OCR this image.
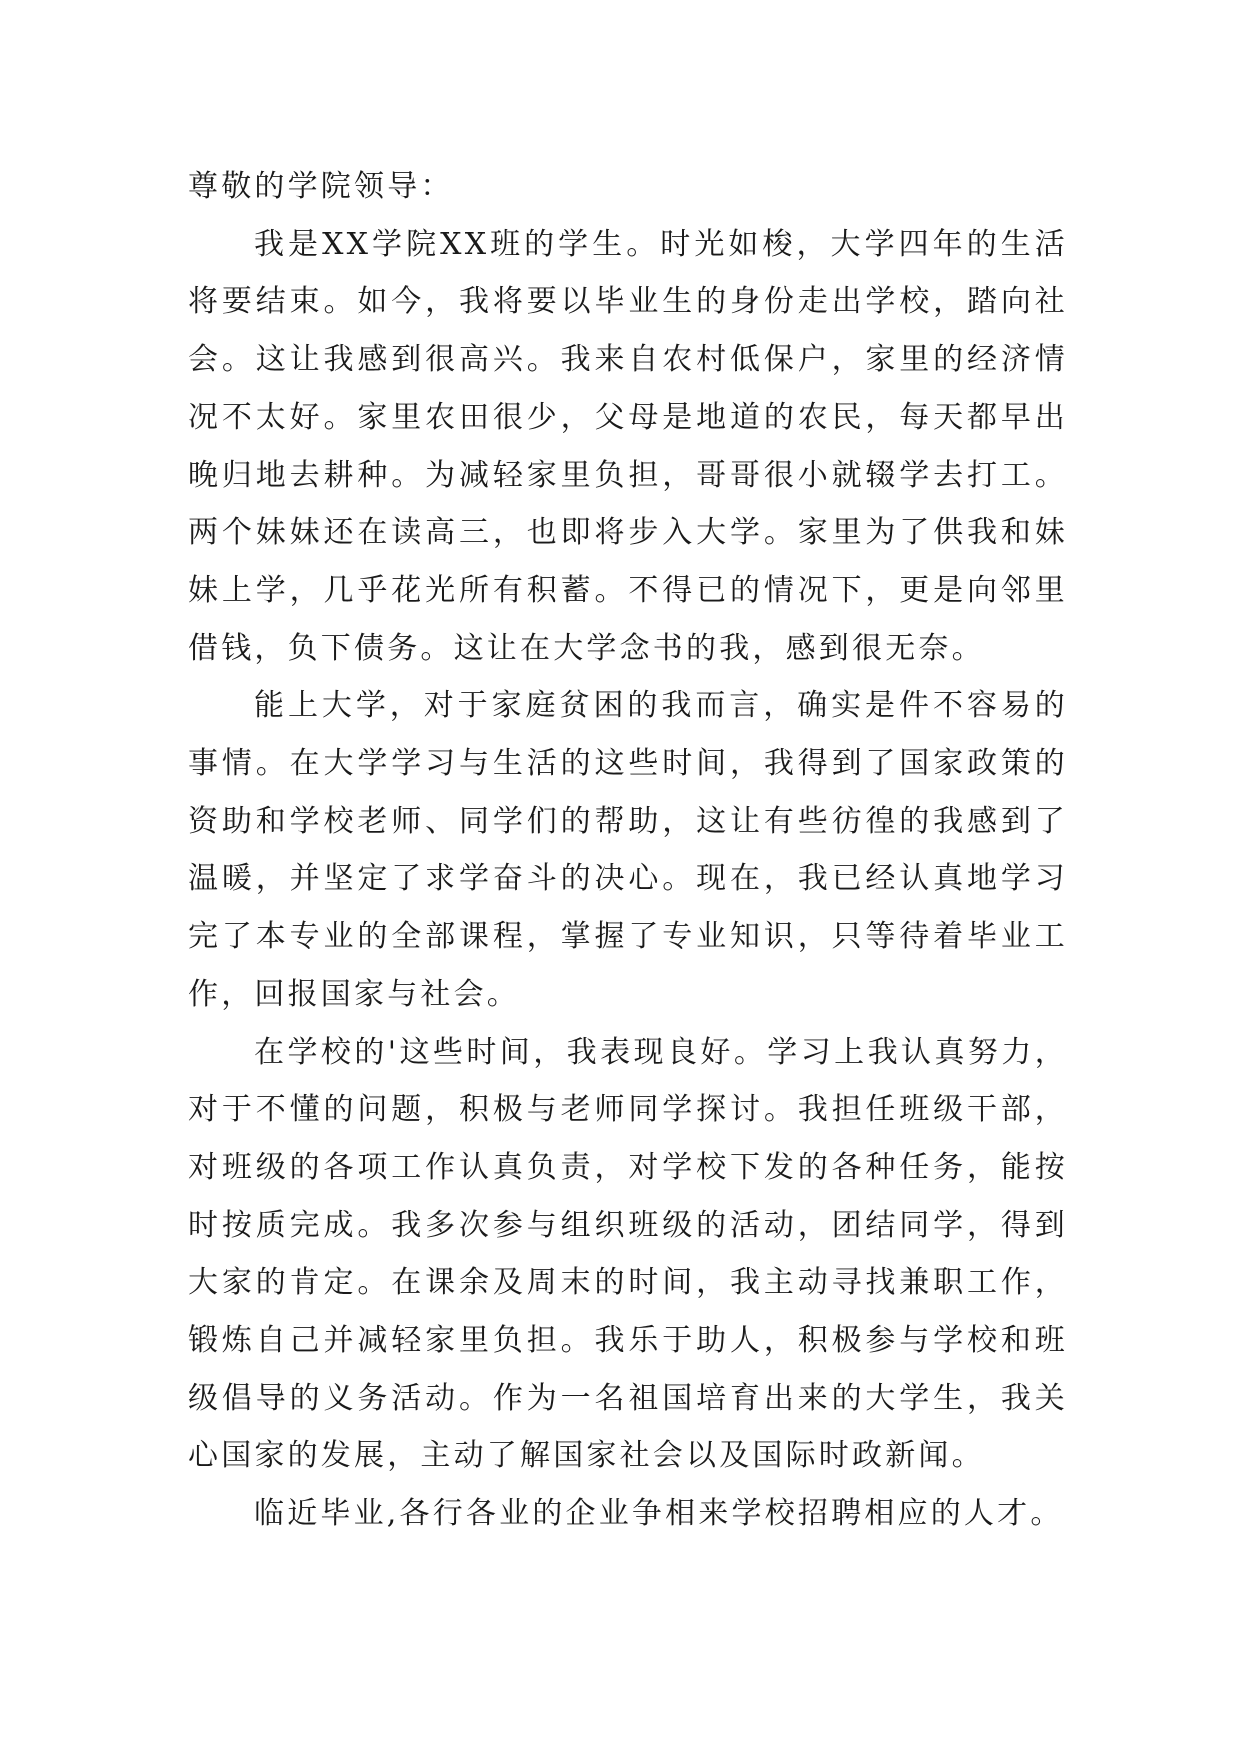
尊敬的学院领导：

我是XX学院XX班的学生。时光如梭，大学四年的生活将要结束。如今，我将要以毕业生的身份走出学校，踏向社会。这让我感到很高兴。我来自农村低保户，家里的经济情况不太好。家里农田很少，父母是地道的农民，每天都早出晚归地去耕种。为减轻家里负担，哥哥很小就辍学去打工。两个妹妹还在读高三，也即将步入大学。家里为了供我和妹妹上学，几乎花光所有积蓄。不得已的情况下，更是向邻里借钱，负下债务。这让在大学念书的我，感到很无奈。

能上大学，对于家庭贫困的我而言，确实是件不容易的事情。在大学学习与生活的这些时间，我得到了国家政策的资助和学校老师、同学们的帮助，这让有些彷徨的我感到了温暖，并坚定了求学奋斗的决心。现在，我已经认真地学习完了本专业的全部课程，掌握了专业知识，只等待着毕业工作，回报国家与社会。

在学校的'这些时间，我表现良好。学习上我认真努力，对于不懂的问题，积极与老师同学探讨。我担任班级干部，对班级的各项工作认真负责，对学校下发的各种任务，能按时按质完成。我多次参与组织班级的活动，团结同学，得到大家的肯定。在课余及周末的时间，我主动寻找兼职工作，锻炼自己并减轻家里负担。我乐于助人，积极参与学校和班级倡导的义务活动。作为一名祖国培育出来的大学生，我关心国家的发展，主动了解国家社会以及国际时政新闻。

临近毕业,各行各业的企业争相来学校招聘相应的人才。
